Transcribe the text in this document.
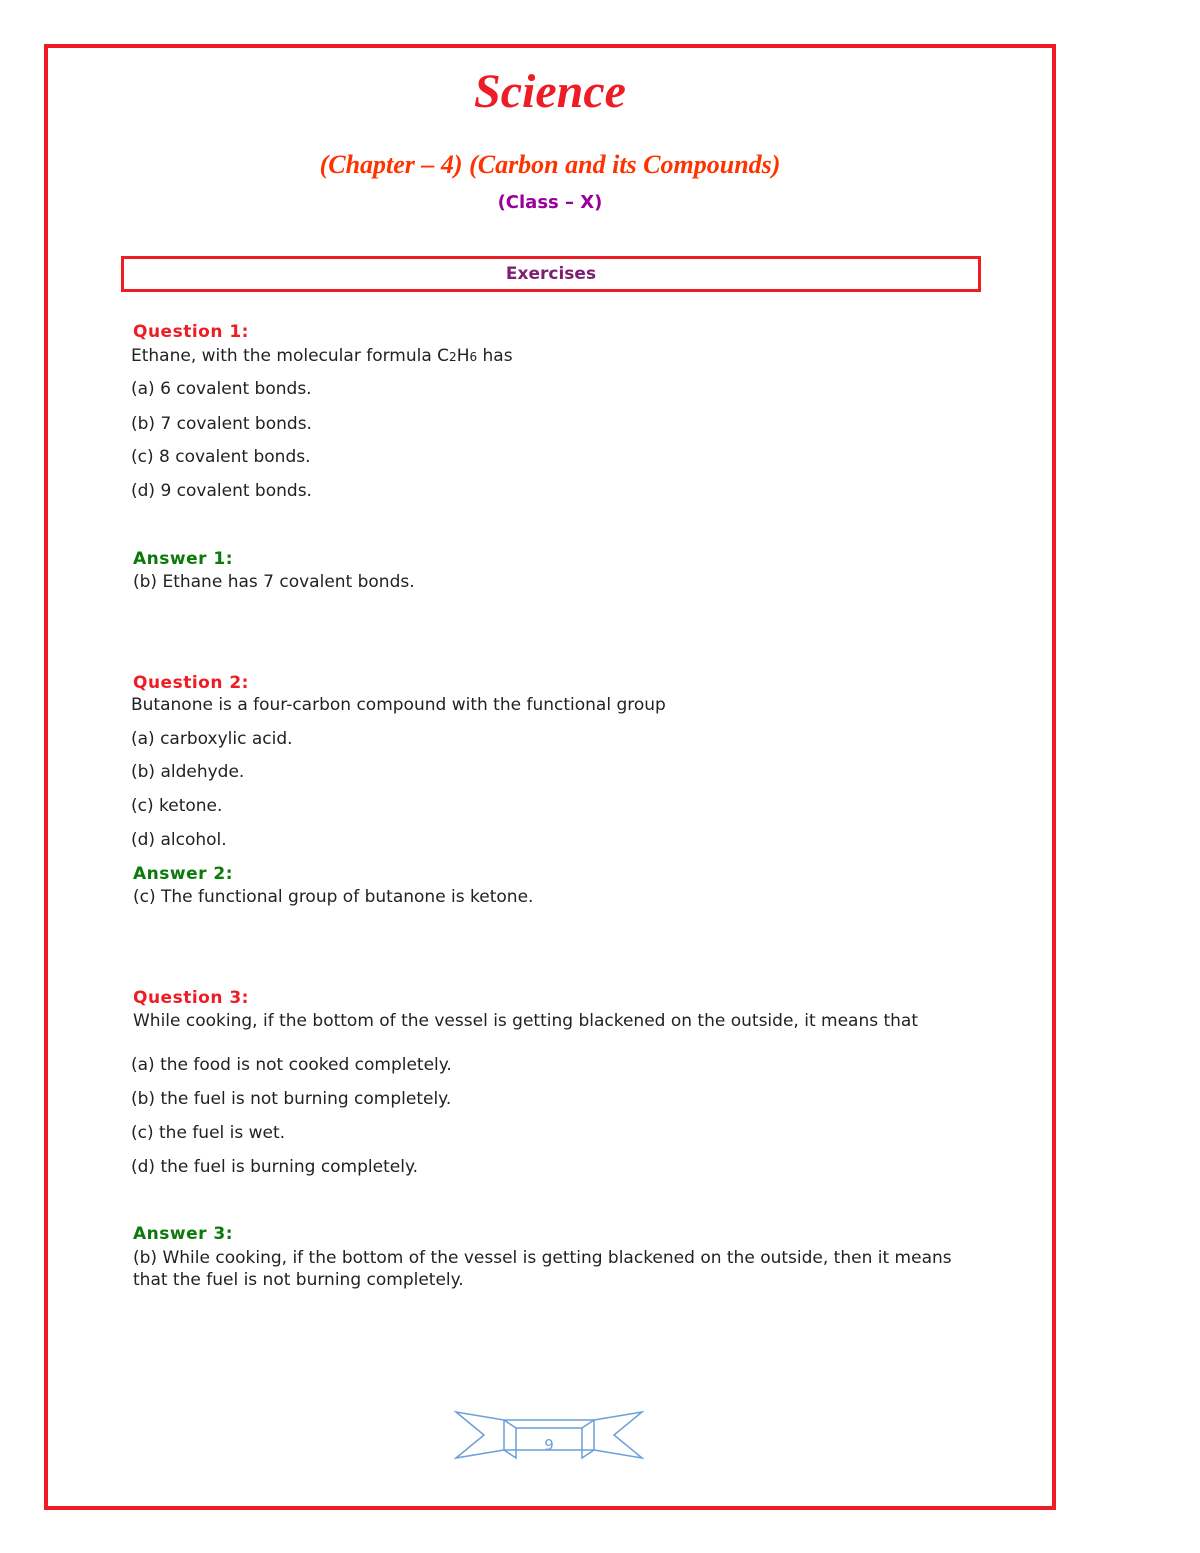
Science
(Chapter – 4) (Carbon and its Compounds)
(Class – X)
Exercises
Question 1:
Ethane, with the molecular formula C2H6 has
(a) 6 covalent bonds.
(b) 7 covalent bonds.
(c) 8 covalent bonds.
(d) 9 covalent bonds.
Answer 1:
(b) Ethane has 7 covalent bonds.
Question 2:
Butanone is a four-carbon compound with the functional group
(a) carboxylic acid.
(b) aldehyde.
(c) ketone.
(d) alcohol.
Answer 2:
(c) The functional group of butanone is ketone.
Question 3:
While cooking, if the bottom of the vessel is getting blackened on the outside, it means that
(a) the food is not cooked completely.
(b) the fuel is not burning completely.
(c) the fuel is wet.
(d) the fuel is burning completely.
Answer 3:
(b) While cooking, if the bottom of the vessel is getting blackened on the outside, then it means that the fuel is not burning completely.
9
